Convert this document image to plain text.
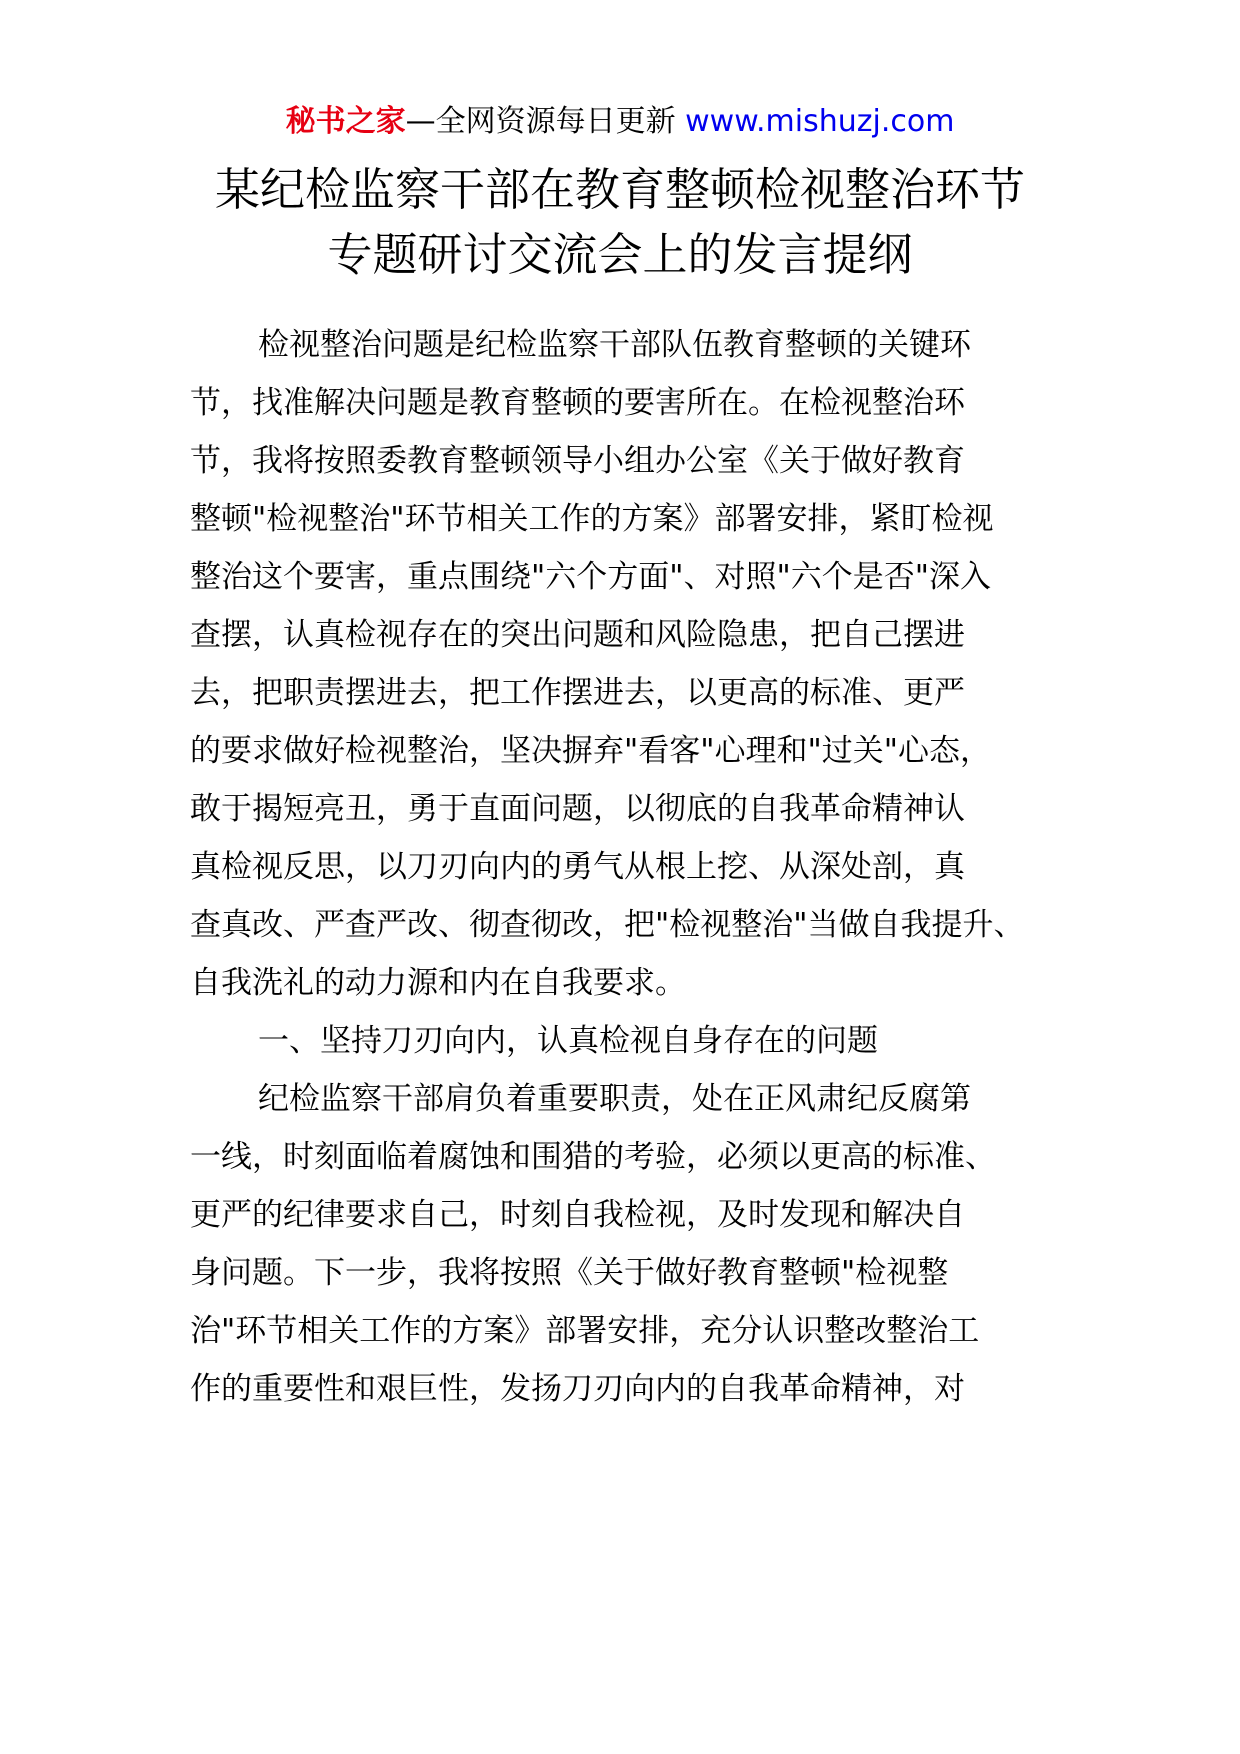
秘书之家—全网资源每日更新 www.mishuzj.com
某纪检监察干部在教育整顿检视整治环节
专题研讨交流会上的发言提纲
检视整治问题是纪检监察干部队伍教育整顿的关键环
节，找准解决问题是教育整顿的要害所在。在检视整治环
节，我将按照委教育整顿领导小组办公室《关于做好教育
整顿"检视整治"环节相关工作的方案》部署安排，紧盯检视
整治这个要害，重点围绕"六个方面"、对照"六个是否"深入
查摆，认真检视存在的突出问题和风险隐患，把自己摆进
去，把职责摆进去，把工作摆进去，以更高的标准、更严
的要求做好检视整治，坚决摒弃"看客"心理和"过关"心态，
敢于揭短亮丑，勇于直面问题，以彻底的自我革命精神认
真检视反思，以刀刃向内的勇气从根上挖、从深处剖，真
查真改、严查严改、彻查彻改，把"检视整治"当做自我提升、
自我洗礼的动力源和内在自我要求。
一、坚持刀刃向内，认真检视自身存在的问题
纪检监察干部肩负着重要职责，处在正风肃纪反腐第
一线，时刻面临着腐蚀和围猎的考验，必须以更高的标准、
更严的纪律要求自己，时刻自我检视，及时发现和解决自
身问题。下一步，我将按照《关于做好教育整顿"检视整
治"环节相关工作的方案》部署安排，充分认识整改整治工
作的重要性和艰巨性，发扬刀刃向内的自我革命精神，对
